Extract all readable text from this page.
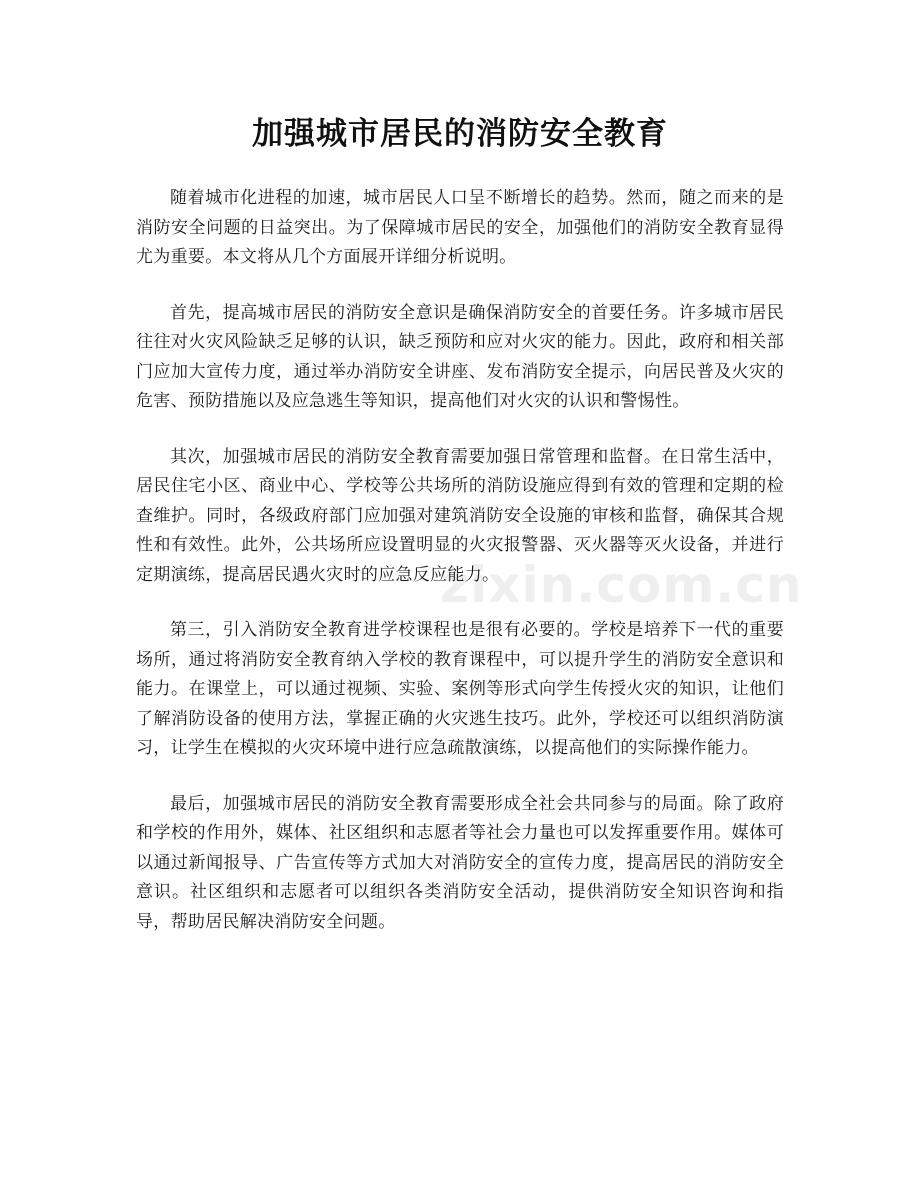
加强城市居民的消防安全教育
zixin.com.cn

随着城市化进程的加速，城市居民人口呈不断增长的趋势。然而，随之而来的是消防安全问题的日益突出。为了保障城市居民的安全，加强他们的消防安全教育显得尤为重要。本文将从几个方面展开详细分析说明。

首先，提高城市居民的消防安全意识是确保消防安全的首要任务。许多城市居民往往对火灾风险缺乏足够的认识，缺乏预防和应对火灾的能力。因此，政府和相关部门应加大宣传力度，通过举办消防安全讲座、发布消防安全提示，向居民普及火灾的危害、预防措施以及应急逃生等知识，提高他们对火灾的认识和警惕性。

其次，加强城市居民的消防安全教育需要加强日常管理和监督。在日常生活中，居民住宅小区、商业中心、学校等公共场所的消防设施应得到有效的管理和定期的检查维护。同时，各级政府部门应加强对建筑消防安全设施的审核和监督，确保其合规性和有效性。此外，公共场所应设置明显的火灾报警器、灭火器等灭火设备，并进行定期演练，提高居民遇火灾时的应急反应能力。

第三，引入消防安全教育进学校课程也是很有必要的。学校是培养下一代的重要场所，通过将消防安全教育纳入学校的教育课程中，可以提升学生的消防安全意识和能力。在课堂上，可以通过视频、实验、案例等形式向学生传授火灾的知识，让他们了解消防设备的使用方法，掌握正确的火灾逃生技巧。此外，学校还可以组织消防演习，让学生在模拟的火灾环境中进行应急疏散演练，以提高他们的实际操作能力。

最后，加强城市居民的消防安全教育需要形成全社会共同参与的局面。除了政府和学校的作用外，媒体、社区组织和志愿者等社会力量也可以发挥重要作用。媒体可以通过新闻报导、广告宣传等方式加大对消防安全的宣传力度，提高居民的消防安全意识。社区组织和志愿者可以组织各类消防安全活动，提供消防安全知识咨询和指导，帮助居民解决消防安全问题。
